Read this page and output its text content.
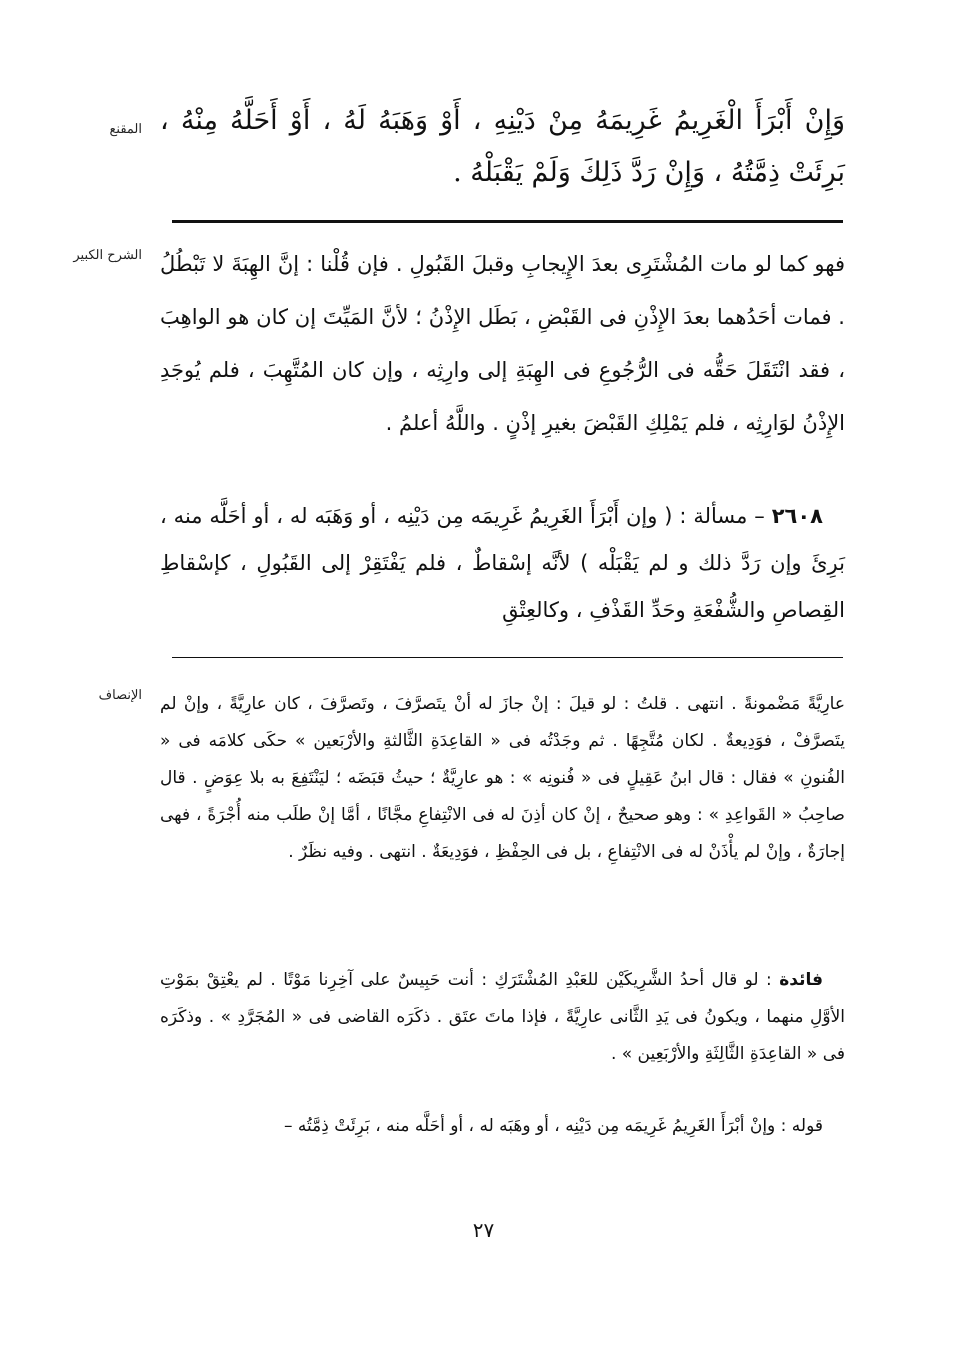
المقنع وَإِنْ أَبْرَأَ الْغَرِيمُ غَرِيمَهُ مِنْ دَيْنِهِ ، أَوْ وَهَبَهُ لَهُ ، أَوْ أَحَلَّهُ مِنْهُ ، بَرِئَتْ ذِمَّتُهُ ، وَإِنْ رَدَّ ذَلِكَ وَلَمْ يَقْبَلْهُ .
الشرح الكبير فهو كما لو مات المُشْتَرِى بعدَ الإِيجابِ وقبلَ القَبُولِ . فإن قُلْنا : إنَّ الهِبَةَ لا تَبْطُلُ . فمات أحَدُهما بعدَ الإِذْنِ فى القَبْضِ ، بَطَل الإِذْنُ ؛ لأنَّ المَيِّتَ إن كان هو الواهِبَ ، فقد انْتَقَلَ حَقُّه فى الرُّجُوعِ فى الهِبَةِ إلى وارِثِه ، وإن كان المُتَّهِبَ ، فلم يُوجَدِ الإِذْنُ لوَارِثِه ، فلم يَمْلِكِ القَبْضَ بغيرِ إذْنٍ . واللَّهُ أعلمُ .
٢٦٠٨ – مسألة : ( وإن أَبْرَأَ الغَرِيمُ غَرِيمَه مِن دَيْنِه ، أو وَهَبَه له ، أو أحَلَّه منه ، بَرِئَ وإن رَدَّ ذلك و لم يَقْبَلْه ) لأنَّه إسْقاطٌ ، فلم يَفْتَقِرْ إلى القَبُولِ ، كإسْقاطِ القِصاصِ والشُّفْعَةِ وحَدِّ القَذْفِ ، وكالعِتْقِ
الإنصاف عارِيَّةً مَضْمونةً . انتهى . قلتُ : لو قيلَ : إنْ جازَ له أنْ يتَصرَّفَ ، وتَصرَّفَ ، كان عارِيَّةً ، وإنْ لم يتَصرَّفْ ، فوَدِيعةٌ . لكان مُتَّجِهًا . ثم وجَدْتُه فى « القاعِدَةِ الثَّالثةِ والأرْبَعين » حكَى كلامَه فى « الفُنونِ » فقال : قال ابنُ عَقِيلٍ فى « فُنونِه » : هو عارِيَّةٌ ؛ حيثُ قبَضَه ؛ ليَنْتَفِعَ به بلا عِوَضٍ . قال صاحِبُ « القَواعِدِ » : وهو صحيحٌ ، إنْ كان أذِنَ له فى الانْتِفاعِ مجَّانًا ، أمَّا إنْ طلَب منه أُجْرَةً ، فهى إجارَةٌ ، وإنْ لم يأْذَنْ له فى الانْتِفاعِ ، بل فى الحِفْظِ ، فوَدِيعَةٌ . انتهى . وفيه نظَرٌ .
فائدة : لو قال أحدُ الشَّرِيكَيْن للعَبْدِ المُشْتَرَكِ : أنت حَبِيسٌ على آخِرِنا مَوْتًا . لم يعْتِقْ بمَوْتِ الأوَّلِ منهما ، ويكونُ فى يَدِ الثَّانى عارِيَّةً ، فإذا ماتَ عتَق . ذكَرَه القاضى فى « المُجَرَّدِ » . وذكَرَه فى « القاعِدَةِ الثَّالِثَةِ والأرْبَعِين » .
قوله : وإنْ أبْرَأَ الغَرِيمُ غَرِيمَه مِن دَيْنِه ، أو وهَبَه له ، أو أحَلَّه منه ، بَرِئَتْ ذِمَّتُه –
٢٧
